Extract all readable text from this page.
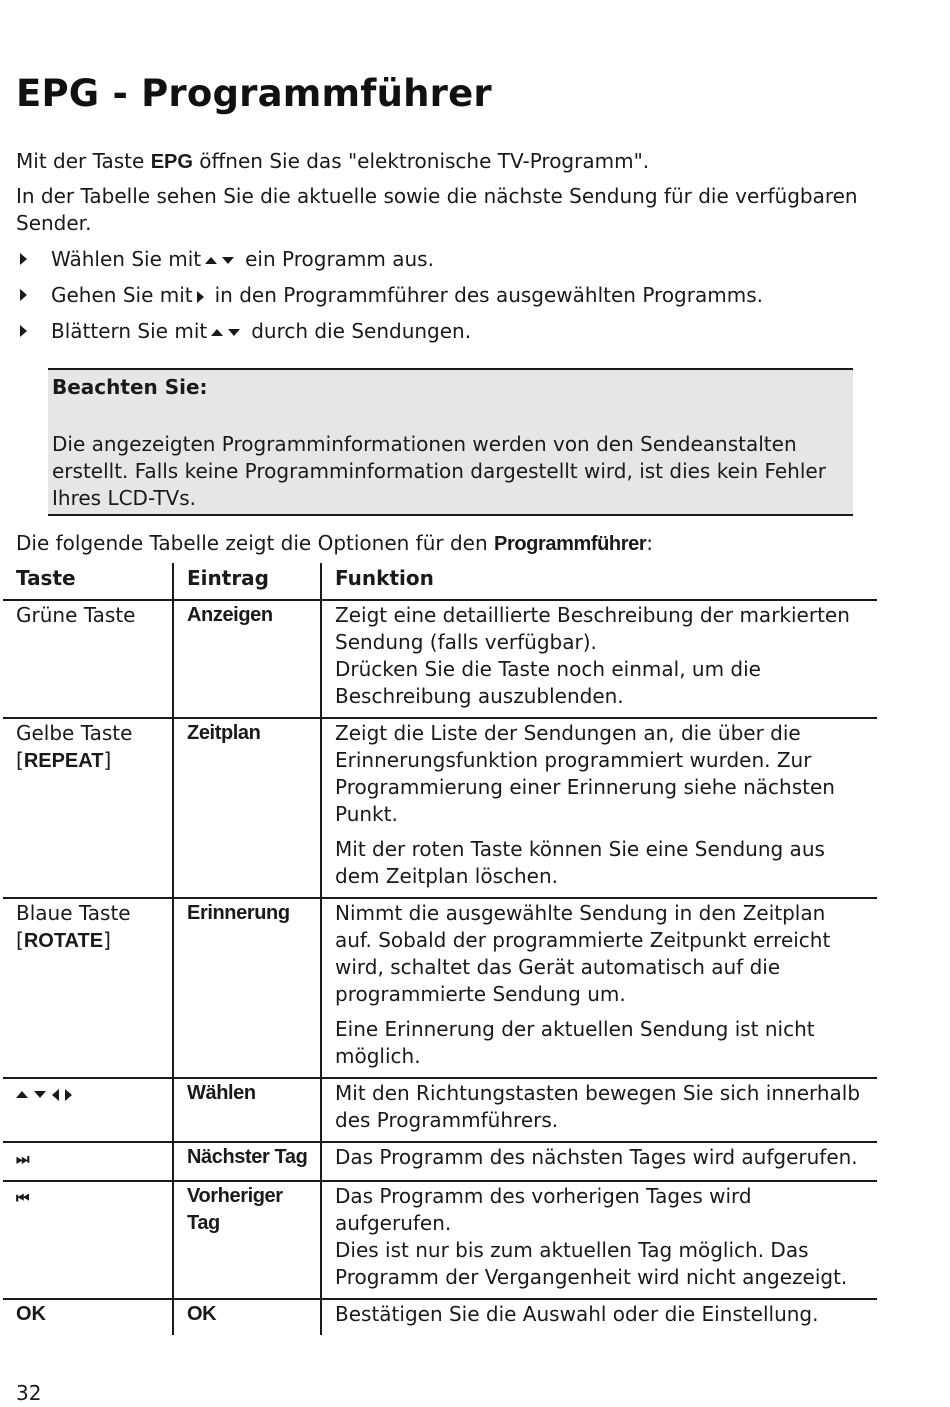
EPG - Programmführer

Mit der Taste EPG öffnen Sie das "elektronische TV-Programm".

In der Tabelle sehen Sie die aktuelle sowie die nächste Sendung für die verfügbaren Sender.

Wählen Sie mit ein Programm aus.
Gehen Sie mit in den Programmführer des ausgewählten Programms.
Blättern Sie mit durch die Sendungen.
Beachten Sie:
Die angezeigten Programminformationen werden von den Sendeanstalten erstellt. Falls keine Programminformation dargestellt wird, ist dies kein Fehler Ihres LCD-TVs.

Die folgende Tabelle zeigt die Optionen für den Programmführer:

Taste	Eintrag	Funktion
Grüne Taste	Anzeigen	Zeigt eine detaillierte Beschreibung der markierten Sendung (falls verfügbar).
Drücken Sie die Taste noch einmal, um die Beschreibung auszublenden.
Gelbe Taste
[REPEAT]	Zeitplan	Zeigt die Liste der Sendungen an, die über die Erinnerungsfunktion programmiert wurden. Zur Programmierung einer Erinnerung siehe nächsten Punkt.
Mit der roten Taste können Sie eine Sendung aus dem Zeitplan löschen.

Blaue Taste
[ROTATE]	Erinnerung	Nimmt die ausgewählte Sendung in den Zeitplan auf. Sobald der programmierte Zeitpunkt erreicht wird, schaltet das Gerät automatisch auf die programmierte Sendung um.
Eine Erinnerung der aktuellen Sendung ist nicht möglich.

	Wählen	Mit den Richtungstasten bewegen Sie sich innerhalb des Programmführers.
⏭	Nächster Tag	Das Programm des nächsten Tages wird aufgerufen.
⏮	Vorheriger Tag	Das Programm des vorherigen Tages wird aufgerufen.
Dies ist nur bis zum aktuellen Tag möglich. Das Programm der Vergangenheit wird nicht angezeigt.
OK	OK	Bestätigen Sie die Auswahl oder die Einstellung.
32
